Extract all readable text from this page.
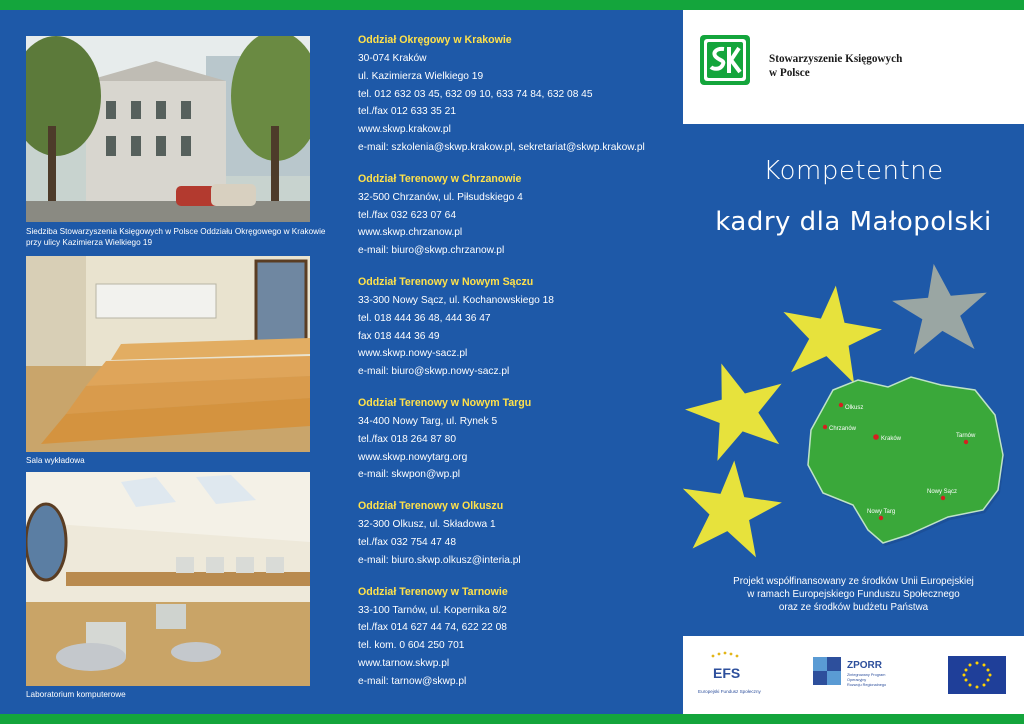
Siedziba Stowarzyszenia Księgowych w Polsce Oddziału Okręgowego w Krakowie przy ulicy Kazimierza Wielkiego 19
Sala wykładowa
Laboratorium komputerowe
Oddział Okręgowy w Krakowie
30-074 Kraków
ul. Kazimierza Wielkiego 19
tel. 012 632 03 45, 632 09 10, 633 74 84, 632 08 45
tel./fax 012 633 35 21
www.skwp.krakow.pl
e-mail: szkolenia@skwp.krakow.pl, sekretariat@skwp.krakow.pl
Oddział Terenowy w Chrzanowie
32-500 Chrzanów, ul. Piłsudskiego 4
tel./fax 032 623 07 64
www.skwp.chrzanow.pl
e-mail: biuro@skwp.chrzanow.pl
Oddział Terenowy w Nowym Sączu
33-300 Nowy Sącz, ul. Kochanowskiego 18
tel. 018 444 36 48, 444 36 47
fax 018 444 36 49
www.skwp.nowy-sacz.pl
e-mail: biuro@skwp.nowy-sacz.pl
Oddział Terenowy w Nowym Targu
34-400 Nowy Targ, ul. Rynek 5
tel./fax 018 264 87 80
www.skwp.nowytarg.org
e-mail: skwpon@wp.pl
Oddział Terenowy w Olkuszu
32-300 Olkusz, ul. Składowa 1
tel./fax 032 754 47 48
e-mail: biuro.skwp.olkusz@interia.pl
Oddział Terenowy w Tarnowie
33-100 Tarnów, ul. Kopernika 8/2
tel./fax 014 627 44 74, 622 22 08
tel. kom. 0 604 250 701
www.tarnow.skwp.pl
e-mail: tarnow@skwp.pl
Stowarzyszenie Księgowych
w Polsce
Kompetentne
kadry dla Małopolski
Olkusz
Chrzanów
Kraków	Tarnów
Nowy Sącz
Nowy Targ
Projekt współfinansowany ze środków Unii Europejskiej
w ramach Europejskiego Funduszu Społecznego
oraz ze środków budżetu Państwa
EFS
Europejski Fundusz Społeczny
ZPORR
Zintegrowany Program
Operacyjny
Rozwoju Regionalnego
